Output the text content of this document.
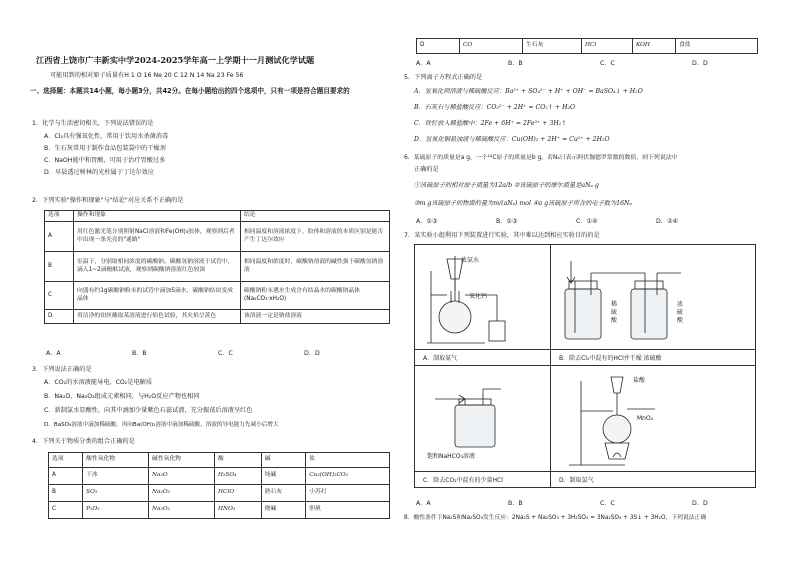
江西省上饶市广丰新实中学2024-2025学年高一上学期十一月测试化学试题
可能用到的相对原子质量有H 1 O 16 Ne 20 C 12 N 14 Na 23 Fe 56
一、选择题：本题共14小题，每小题3分，共42分。在每小题给出的四个选项中，只有一项是符合题目要求的
1．化学与生活密切相关，下列说法错误的是
A．Cl₂具有强氧化性，常用于饮用水杀菌消毒
B．生石灰常用于制作食品包装袋中的干燥剂
C．NaOH能中和胃酸，可用于治疗胃酸过多
D．早晨透过树林的光柱属于丁达尔效应
2．下列实验"操作和现象"与"结论"对应关系不正确的是
选项	操作和现象	结论
A	用红色激光笔分别照射NaCl溶液和Fe(OH)₃胶体，观察到后者中出现一条光亮的"通路"	相同温度和溶液浓度下，胶体和溶液的本质区别是能否产生丁达尔效应
B	室温下，分别取相同浓度的碳酸钠、碳酸氢钠溶液于试管中，滴入1~2滴酚酞试液，观察到碳酸钠溶液红色较深	相同温度和浓度时，碳酸钠溶液的碱性强于碳酸氢钠溶液
C	向盛有约1g碳酸钠粉末的试管中滴加5滴水，碳酸钠结块变成晶体	碳酸钠粉末遇水生成含有结晶水的碳酸钠晶体 (Na₂CO₃·xH₂O)
D	用洁净的铂丝蘸取某溶液进行焰色试验，其火焰呈黄色	该溶液一定是钠盐溶液
A．A	B．B	C．C	D．D
3．下列说法正确的是
A．CO₂的水溶液能导电，CO₂是电解质
B．Na₂O、Na₂O₂组成元素相同，与H₂O反应产物也相同
C．新制氯水显酸性，向其中滴加少量紫色石蕊试液，充分振荡后溶液呈红色
D．BaSO₄溶液中滴加稀硫酸，再向Ba(OH)₂溶液中滴加稀硫酸，溶液的导电能力先减小后增大
4．下列关于物质分类的组合正确的是
选项	酸性氧化物	碱性氧化物	酸	碱	盐
A	干冰	Na₂O	H₂SO₄	纯碱	Cu₂(OH)₂CO₃
B	SO₃	Na₂O₂	HClO	熟石灰	小苏打
C	P₂O₅	Na₂O₂	HNO₃	烧碱	胆矾
D	CO	生石灰	HCl	KOH	食盐
A．A	B．B	C．C	D．D
5．下列离子方程式正确的是
A．氢氧化钡溶液与稀硫酸反应：Ba²⁺ + SO₄²⁻ + H⁺ + OH⁻ = BaSO₄↓ + H₂O
B．石灰石与稀盐酸反应：CO₃²⁻ + 2H⁺ = CO₂↑ + H₂O
C．铁钉放入稀盐酸中：2Fe + 6H⁺ = 2Fe³⁺ + 3H₂↑
D．氢氧化铜悬浊液与稀硫酸反应：Cu(OH)₂ + 2H⁺ = Cu²⁺ + 2H₂O
6．某硫原子的质量是a g，一个¹²C原子的质量是b g，若Nₐ只表示阿伏伽德罗常数的数值，则下列说法中
正确的是
①该硫原子的相对原子质量为12a/b ②该硫原子的摩尔质量是aNₐ g
③m g该硫原子的物质的量为m/(aNₐ) mol ④a g该硫原子所含的电子数为16Nₐ
A．①③	B．①③	C．①④	D．②④
7．某实验小组利用下列装置进行实验，其中难以达到相应实验目的的是
浓氨水
氧化钙
稀硫酸
浓硫酸
饱和NaHCO₃溶液
盐酸
MnO₂
A．制取氨气	B．除去Cl₂中混有的HCl并干燥 浓硫酸
C．除去CO₂中混有的少量HCl	D．制取氯气
A．A	B．B	C．C	D．D
8．酸性条件下Na₂S和Na₂SO₃发生反应：2Na₂S + Na₂SO₃ + 3H₂SO₄ = 3Na₂SO₄ + 3S↓ + 3H₂O，下列说法正确
